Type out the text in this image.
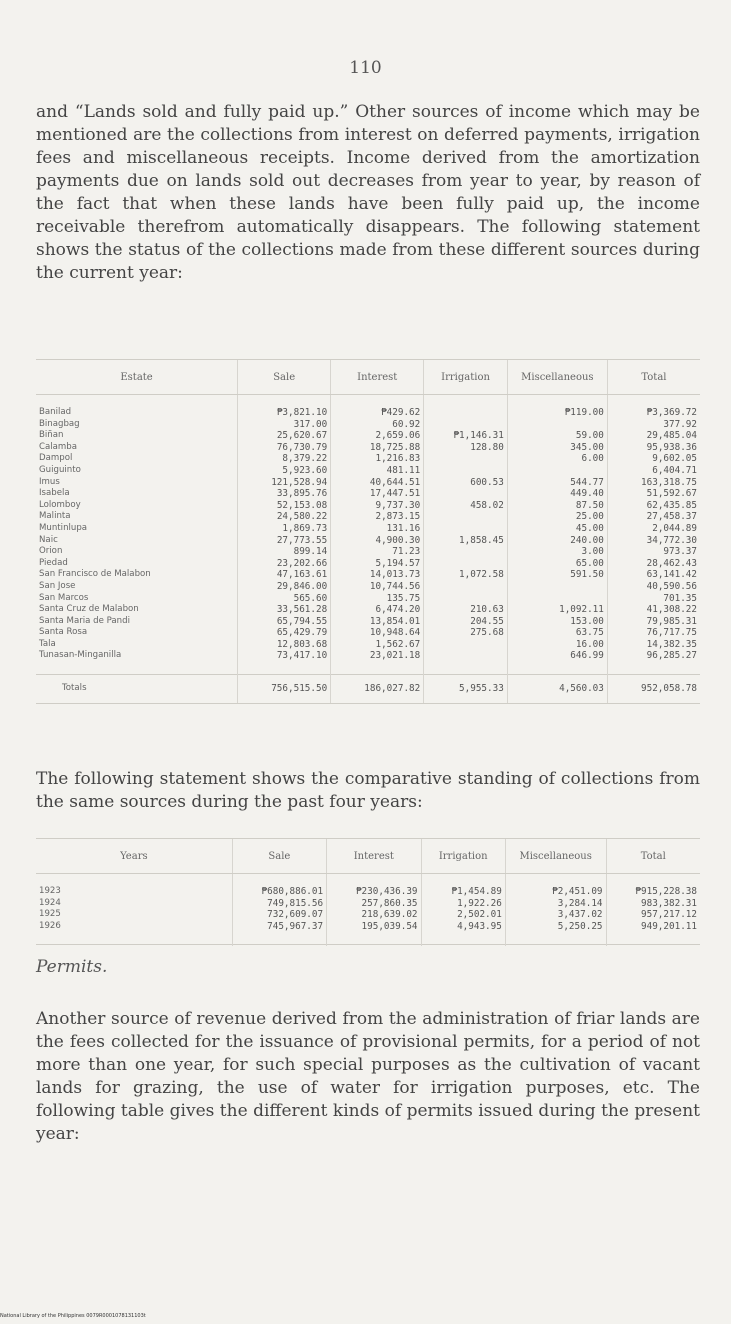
110

and “Lands sold and fully paid up.” Other sources of income which may be mentioned are the collections from interest on deferred payments, irrigation fees and miscellaneous receipts. Income derived from the amortization payments due on lands sold out decreases from year to year, by reason of the fact that when these lands have been fully paid up, the income receivable therefrom automatically disappears. The following statement shows the status of the collections made from these different sources during the current year:

Estate	Sale	Interest	Irrigation	Miscellaneous	Total

Banilad	₱3,821.10	₱429.62		₱119.00	₱3,369.72
Binagbag	317.00	60.92			377.92
Biñan	25,620.67	2,659.06	₱1,146.31	59.00	29,485.04
Calamba	76,730.79	18,725.88	128.80	345.00	95,938.36
Dampol	8,379.22	1,216.83		6.00	9,602.05
Guiguinto	5,923.60	481.11			6,404.71
Imus	121,528.94	40,644.51	600.53	544.77	163,318.75
Isabela	33,895.76	17,447.51		449.40	51,592.67
Lolomboy	52,153.08	9,737.30	458.02	87.50	62,435.85
Malinta	24,580.22	2,873.15		25.00	27,458.37
Muntinlupa	1,869.73	131.16		45.00	2,044.89
Naic	27,773.55	4,900.30	1,858.45	240.00	34,772.30
Orion	899.14	71.23		3.00	973.37
Piedad	23,202.66	5,194.57		65.00	28,462.43
San Francisco de Malabon	47,163.61	14,013.73	1,072.58	591.50	63,141.42
San Jose	29,846.00	10,744.56			40,590.56
San Marcos	565.60	135.75			701.35
Santa Cruz de Malabon	33,561.28	6,474.20	210.63	1,092.11	41,308.22
Santa Maria de Pandi	65,794.55	13,854.01	204.55	153.00	79,985.31
Santa Rosa	65,429.79	10,948.64	275.68	63.75	76,717.75
Tala	12,803.68	1,562.67		16.00	14,382.35
Tunasan-Minganilla	73,417.10	23,021.18		646.99	96,285.27

Totals	756,515.50	186,027.82	5,955.33	4,560.03	952,058.78

The following statement shows the comparative standing of collections from the same sources during the past four years:

Years	Sale	Interest	Irrigation	Miscellaneous	Total

1923	₱680,886.01	₱230,436.39	₱1,454.89	₱2,451.09	₱915,228.38
1924	749,815.56	257,860.35	1,922.26	3,284.14	983,382.31
1925	732,609.07	218,639.02	2,502.01	3,437.02	957,217.12
1926	745,967.37	195,039.54	4,943.95	5,250.25	949,201.11

Permits.

Another source of revenue derived from the administration of friar lands are the fees collected for the issuance of provisional permits, for a period of not more than one year, for such special purposes as the cultivation of vacant lands for grazing, the use of water for irrigation purposes, etc. The following table gives the different kinds of permits issued during the present year:

National Library of the Philippines 0079R0001078131103t
